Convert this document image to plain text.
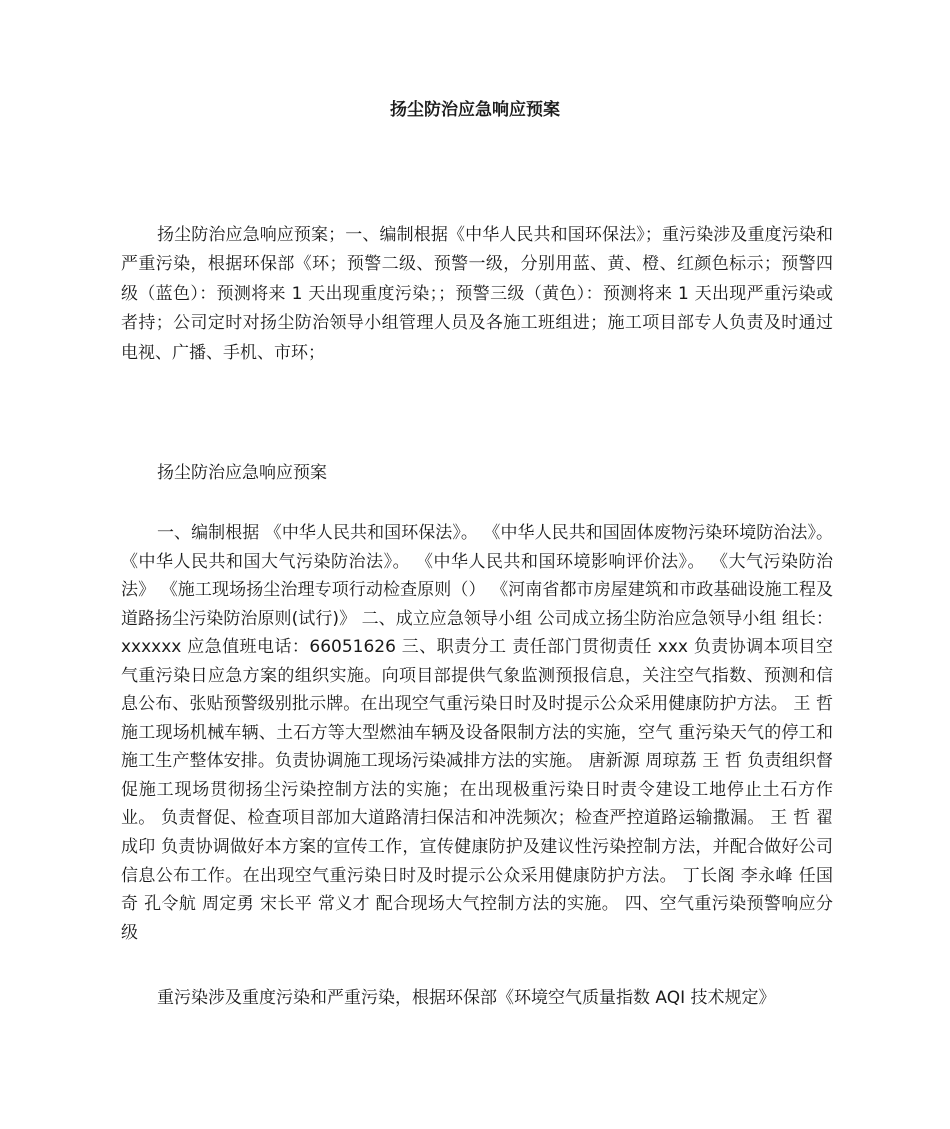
扬尘防治应急响应预案

扬尘防治应急响应预案；一、编制根据《中华人民共和国环保法》；重污染涉及重度污染和严重污染，根据环保部《环；预警二级、预警一级，分别用蓝、黄、橙、红颜色标示；预警四级（蓝色）：预测将来 1 天出现重度污染；；预警三级（黄色）：预测将来 1 天出现严重污染或者持；公司定时对扬尘防治领导小组管理人员及各施工班组进；施工项目部专人负责及时通过电视、广播、手机、市环；

扬尘防治应急响应预案

一、编制根据 《中华人民共和国环保法》。 《中华人民共和国固体废物污染环境防治法》。 《中华人民共和国大气污染防治法》。 《中华人民共和国环境影响评价法》。 《大气污染防治法》 《施工现场扬尘治理专项行动检查原则（） 《河南省都市房屋建筑和市政基础设施工程及道路扬尘污染防治原则(试行)》 二、成立应急领导小组 公司成立扬尘防治应急领导小组 组长：xxxxxx 应急值班电话：66051626 三、职责分工 责任部门贯彻责任 xxx 负责协调本项目空气重污染日应急方案的组织实施。向项目部提供气象监测预报信息，关注空气指数、预测和信息公布、张贴预警级别批示牌。在出现空气重污染日时及时提示公众采用健康防护方法。 王 哲 施工现场机械车辆、土石方等大型燃油车辆及设备限制方法的实施，空气 重污染天气的停工和施工生产整体安排。负责协调施工现场污染减排方法的实施。 唐新源 周琼荔 王 哲 负责组织督促施工现场贯彻扬尘污染控制方法的实施；在出现极重污染日时责令建设工地停止土石方作业。 负责督促、检查项目部加大道路清扫保洁和冲洗频次；检查严控道路运输撒漏。 王 哲 翟成印 负责协调做好本方案的宣传工作，宣传健康防护及建议性污染控制方法，并配合做好公司信息公布工作。在出现空气重污染日时及时提示公众采用健康防护方法。 丁长阁 李永峰 任国奇 孔令航 周定勇 宋长平 常义才 配合现场大气控制方法的实施。 四、空气重污染预警响应分级

重污染涉及重度污染和严重污染，根据环保部《环境空气质量指数 AQI 技术规定》
